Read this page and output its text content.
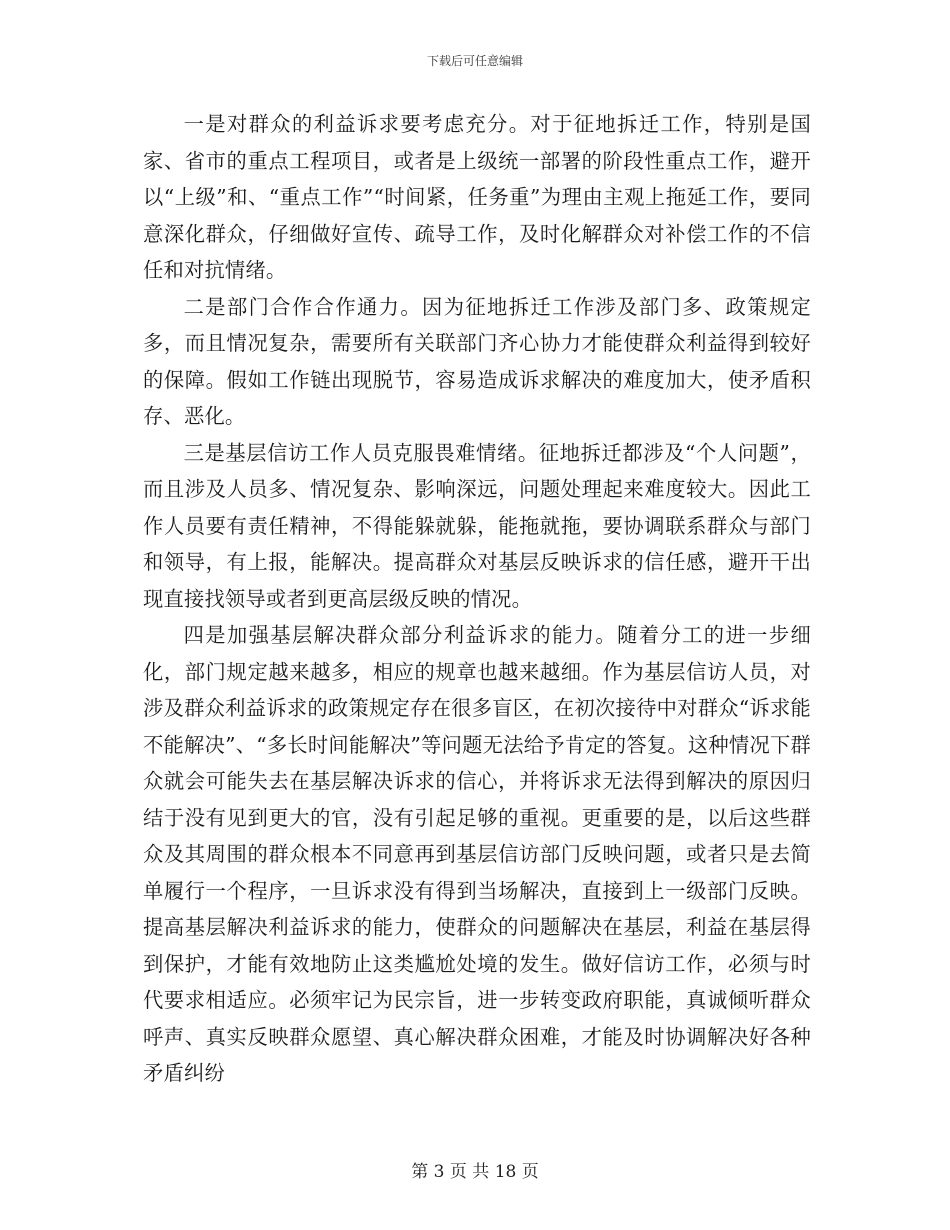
下载后可任意编辑

一是对群众的利益诉求要考虑充分。对于征地拆迁工作，特别是国家、省市的重点工程项目，或者是上级统一部署的阶段性重点工作，避开以“上级”和、“重点工作”“时间紧，任务重”为理由主观上拖延工作，要同意深化群众，仔细做好宣传、疏导工作，及时化解群众对补偿工作的不信任和对抗情绪。

二是部门合作合作通力。因为征地拆迁工作涉及部门多、政策规定多，而且情况复杂，需要所有关联部门齐心协力才能使群众利益得到较好的保障。假如工作链出现脱节，容易造成诉求解决的难度加大，使矛盾积存、恶化。

三是基层信访工作人员克服畏难情绪。征地拆迁都涉及“个人问题”，而且涉及人员多、情况复杂、影响深远，问题处理起来难度较大。因此工作人员要有责任精神，不得能躲就躲，能拖就拖，要协调联系群众与部门和领导，有上报，能解决。提高群众对基层反映诉求的信任感，避开干出现直接找领导或者到更高层级反映的情况。

四是加强基层解决群众部分利益诉求的能力。随着分工的进一步细化，部门规定越来越多，相应的规章也越来越细。作为基层信访人员，对涉及群众利益诉求的政策规定存在很多盲区，在初次接待中对群众“诉求能不能解决”、“多长时间能解决”等问题无法给予肯定的答复。这种情况下群众就会可能失去在基层解决诉求的信心，并将诉求无法得到解决的原因归结于没有见到更大的官，没有引起足够的重视。更重要的是，以后这些群众及其周围的群众根本不同意再到基层信访部门反映问题，或者只是去简单履行一个程序，一旦诉求没有得到当场解决，直接到上一级部门反映。提高基层解决利益诉求的能力，使群众的问题解决在基层，利益在基层得到保护，才能有效地防止这类尴尬处境的发生。做好信访工作，必须与时代要求相适应。必须牢记为民宗旨，进一步转变政府职能，真诚倾听群众呼声、真实反映群众愿望、真心解决群众困难，才能及时协调解决好各种矛盾纠纷

第 3 页 共 18 页
